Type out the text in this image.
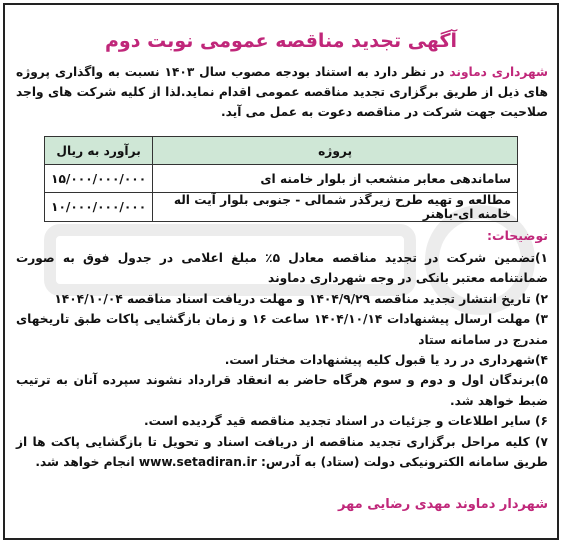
آگهی تجدید مناقصه عمومی نوبت دوم
شهرداری دماوند در نظر دارد به استناد بودجه مصوب سال ۱۴۰۳ نسبت به واگذاری پروژه های ذیل از طریق برگزاری تجدید مناقصه عمومی اقدام نماید.لذا از کلیه شرکت های واجد صلاحیت جهت شرکت در مناقصه دعوت به عمل می آید.
پروژه	برآورد به ریال
ساماندهی معابر منشعب از بلوار خامنه ای	۱۵/۰۰۰/۰۰۰/۰۰۰
مطالعه و تهیه طرح زیرگذر شمالی - جنوبی بلوار آیت اله خامنه ای-باهنر	۱۰/۰۰۰/۰۰۰/۰۰۰
توضیحات:

۱)تضمین شرکت در تجدید مناقصه معادل ۵٪ مبلغ اعلامی در جدول فوق به صورت ضمانتنامه معتبر بانکی در وجه شهرداری دماوند

۲) تاریخ انتشار تجدید مناقصه ۱۴۰۴/۹/۲۹ و مهلت دریافت اسناد مناقصه ۱۴۰۴/۱۰/۰۴

۳) مهلت ارسال پیشنهادات ۱۴۰۴/۱۰/۱۴ ساعت ۱۶ و زمان بازگشایی پاکات طبق تاریخهای مندرج در سامانه ستاد

۴)شهرداری در رد یا قبول کلیه پیشنهادات مختار است.

۵)برندگان اول و دوم و سوم هرگاه حاضر به انعقاد قرارداد نشوند سپرده آنان به ترتیب ضبط خواهد شد.

۶) سایر اطلاعات و جزئیات در اسناد تجدید مناقصه قید گردیده است.

۷) کلیه مراحل برگزاری تجدید مناقصه از دریافت اسناد و تحویل تا بازگشایی پاکت ها از طریق سامانه الکترونیکی دولت (ستاد) به آدرس: www.setadiran.ir انجام خواهد شد.

شهردار دماوند مهدی رضایی مهر
